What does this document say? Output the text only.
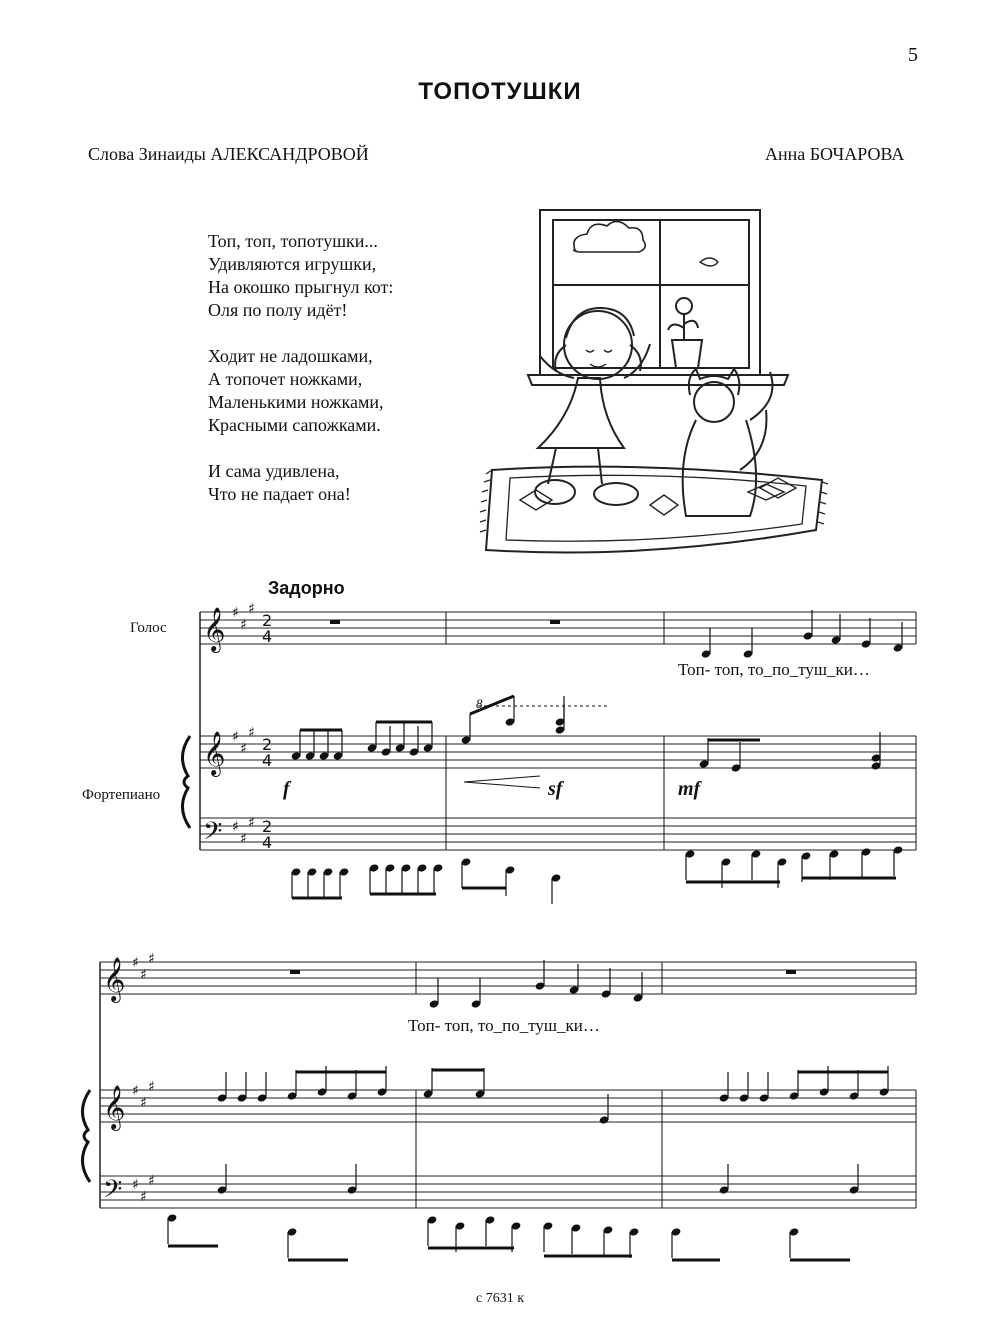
5
ТОПОТУШКИ
Слова Зинаиды АЛЕКСАНДРОВОЙ	Анна БОЧАРОВА
Топ, топ, топотушки...
Удивляются игрушки,
На окошко прыгнул кот:
Оля по полу идёт!
Ходит не ладошками,
А топочет ножками,
Маленькими ножками,
Красными сапожками.
И сама удивлена,
Что не падает она!
Задорно
Голос
Фортепиано
Топ- топ, то_по_туш_ки…
Топ- топ, то_по_туш_ки…
f	sf	mf
8
с 7631 к
𝄞
𝄞
𝄢
♯
♯
♯
♯
♯
♯
♯
♯
♯
2
4
2
4
2
4
𝄞
𝄞
𝄢
♯
♯
♯
♯
♯
♯
♯
♯
♯
